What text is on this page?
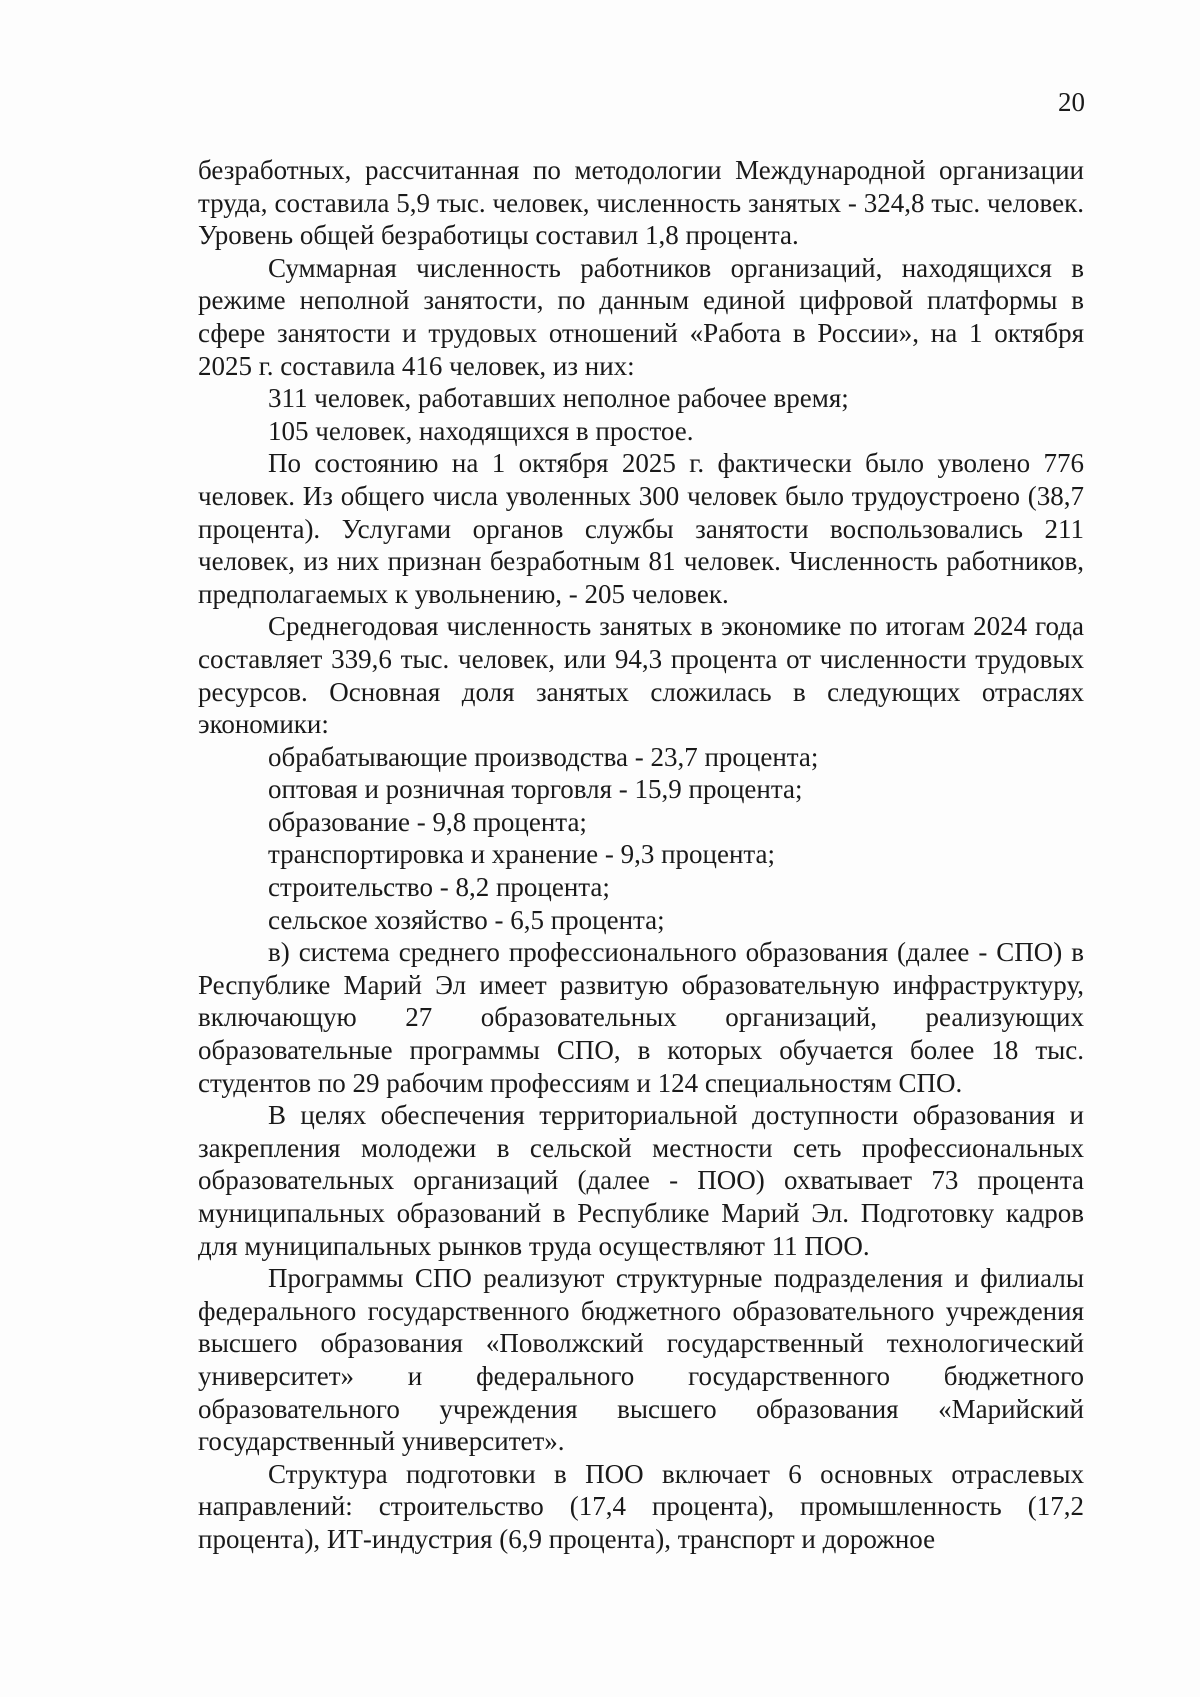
20

безработных, рассчитанная по методологии Международной организации труда, составила 5,9 тыс. человек, численность занятых - 324,8 тыс. человек. Уровень общей безработицы составил 1,8 процента.

Суммарная численность работников организаций, находящихся в режиме неполной занятости, по данным единой цифровой платформы в сфере занятости и трудовых отношений «Работа в России», на 1 октября 2025 г. составила 416 человек, из них:

311 человек, работавших неполное рабочее время;

105 человек, находящихся в простое.

По состоянию на 1 октября 2025 г. фактически было уволено 776 человек. Из общего числа уволенных 300 человек было трудоустроено (38,7 процента). Услугами органов службы занятости воспользовались 211 человек, из них признан безработным 81 человек. Численность работников, предполагаемых к увольнению, - 205 человек.

Среднегодовая численность занятых в экономике по итогам 2024 года составляет 339,6 тыс. человек, или 94,3 процента от численности трудовых ресурсов. Основная доля занятых сложилась в следующих отраслях экономики:

обрабатывающие производства - 23,7 процента;

оптовая и розничная торговля - 15,9 процента;

образование - 9,8 процента;

транспортировка и хранение - 9,3 процента;

строительство - 8,2 процента;

сельское хозяйство - 6,5 процента;

в) система среднего профессионального образования (далее - СПО) в Республике Марий Эл имеет развитую образовательную инфраструктуру, включающую 27 образовательных организаций, реализующих образовательные программы СПО, в которых обучается более 18 тыс. студентов по 29 рабочим профессиям и 124 специальностям СПО.

В целях обеспечения территориальной доступности образования и закрепления молодежи в сельской местности сеть профессиональных образовательных организаций (далее - ПОО) охватывает 73 процента муниципальных образований в Республике Марий Эл. Подготовку кадров для муниципальных рынков труда осуществляют 11 ПОО.

Программы СПО реализуют структурные подразделения и филиалы федерального государственного бюджетного образовательного учреждения высшего образования «Поволжский государственный технологический университет» и федерального государственного бюджетного образовательного учреждения высшего образования «Марийский государственный университет».

Структура подготовки в ПОО включает 6 основных отраслевых направлений: строительство (17,4 процента), промышленность (17,2 процента), ИТ-индустрия (6,9 процента), транспорт и дорожное
